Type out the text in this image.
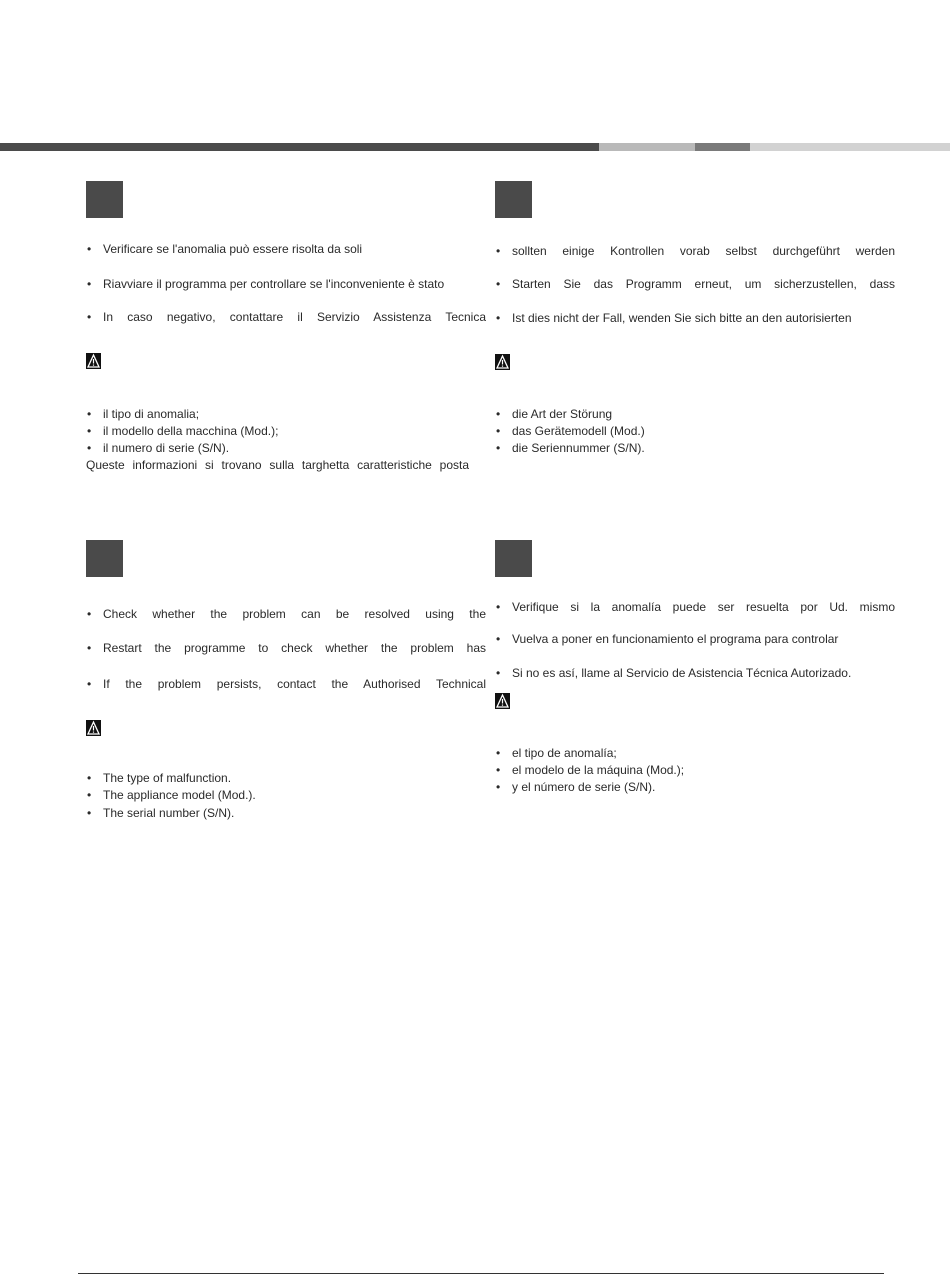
• Verificare se l'anomalia può essere risolta da soli
• Riavviare il programma per controllare se l'inconveniente è stato
• In caso negativo, contattare il Servizio Assistenza Tecnica
• il tipo di anomalia;
• il modello della macchina (Mod.);
• il numero di serie (S/N).
Queste informazioni si trovano sulla targhetta caratteristiche posta
• sollten einige Kontrollen vorab selbst durchgeführt werden
• Starten Sie das Programm erneut, um sicherzustellen, dass
• Ist dies nicht der Fall, wenden Sie sich bitte an den autorisierten
• die Art der Störung
• das Gerätemodell (Mod.)
• die Seriennummer (S/N).
• Check whether the problem can be resolved using the
• Restart the programme to check whether the problem has
• If the problem persists, contact the Authorised Technical
• The type of malfunction.
• The appliance model (Mod.).
• The serial number (S/N).
• Verifique si la anomalía puede ser resuelta por Ud. mismo
• Vuelva a poner en funcionamiento el programa para controlar
• Si no es así, llame al Servicio de Asistencia Técnica Autorizado.
• el tipo de anomalía;
• el modelo de la máquina (Mod.);
• y el número de serie (S/N).
